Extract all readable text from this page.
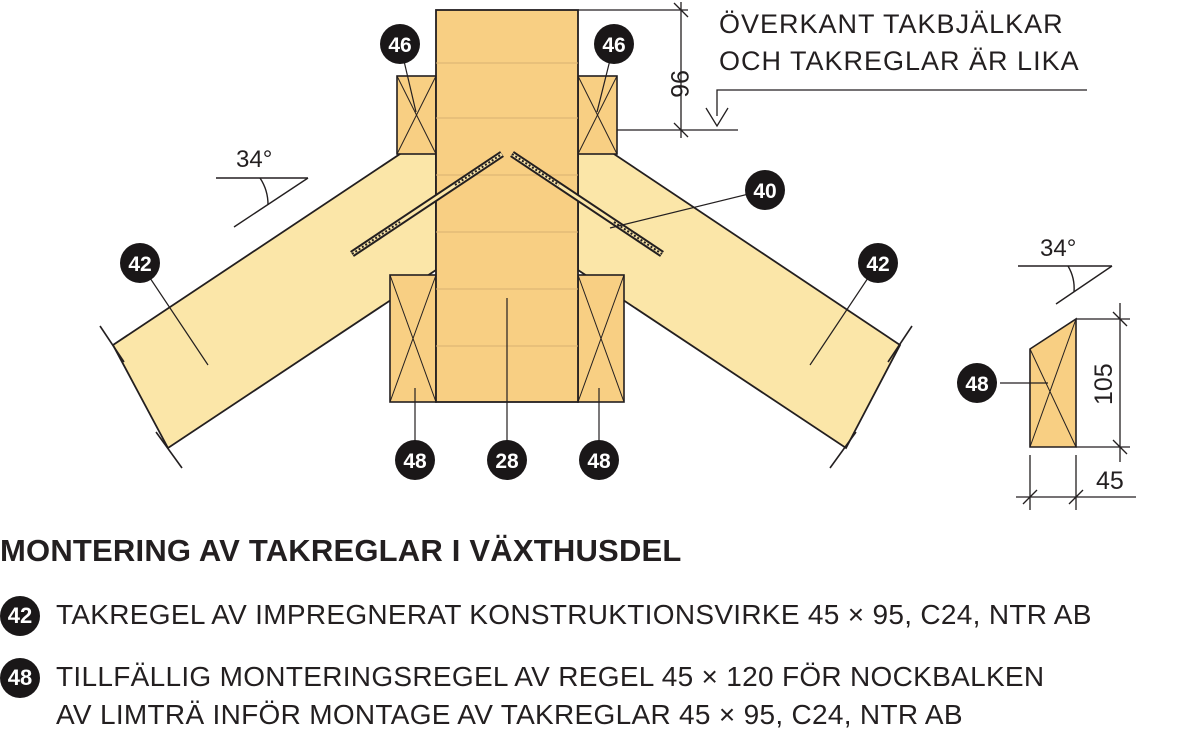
34°
96
ÖVERKANT TAKBJÄLKAR
OCH TAKREGLAR ÄR LIKA
34°
105
45
46	46
40
42	42
48	28	48
48
MONTERING AV TAKREGLAR I VÄXTHUSDEL
42 TAKREGEL AV IMPREGNERAT KONSTRUKTIONSVIRKE 45 × 95, C24, NTR AB
48 TILLFÄLLIG MONTERINGSREGEL AV REGEL 45 × 120 FÖR NOCKBALKEN
AV LIMTRÄ INFÖR MONTAGE AV TAKREGLAR 45 × 95, C24, NTR AB
